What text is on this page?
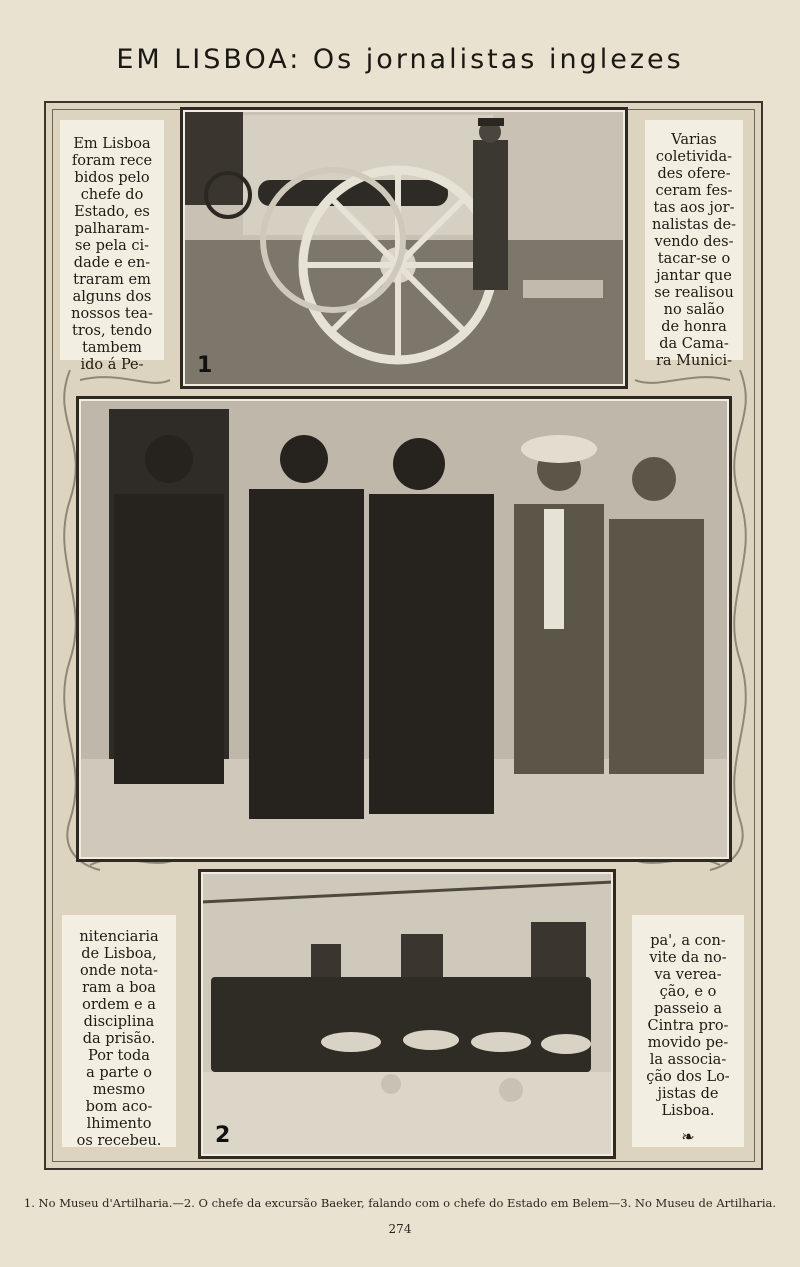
EM LISBOA: Os jornalistas inglezes
1

Em Lisboa

foram rece

bidos pelo

chefe do

Estado, es

palharam-

se pela ci-

dade e en-

traram em

alguns dos

nossos tea-

tros, tendo

tambem

ido á Pe-

Varias

coletivida-

des ofere-

ceram fes-

tas aos jor-

nalistas de-

vendo des-

tacar-se o

jantar que

se realisou

no salão

de honra

da Cama-

ra Munici-

2

nitenciaria

de Lisboa,

onde nota-

ram a boa

ordem e a

disciplina

da prisão.

Por toda

a parte o

mesmo

bom aco-

lhimento

os recebeu.

pa', a con-

vite da no-

va verea-

ção, e o

passeio a

Cintra pro-

movido pe-

la associa-

ção dos Lo-

jistas de

Lisboa.

❧

1. No Museu d'Artilharia.—2. O chefe da excursão Baeker, falando com o chefe do Estado em Belem—3. No Museu de Artilharia.
274
